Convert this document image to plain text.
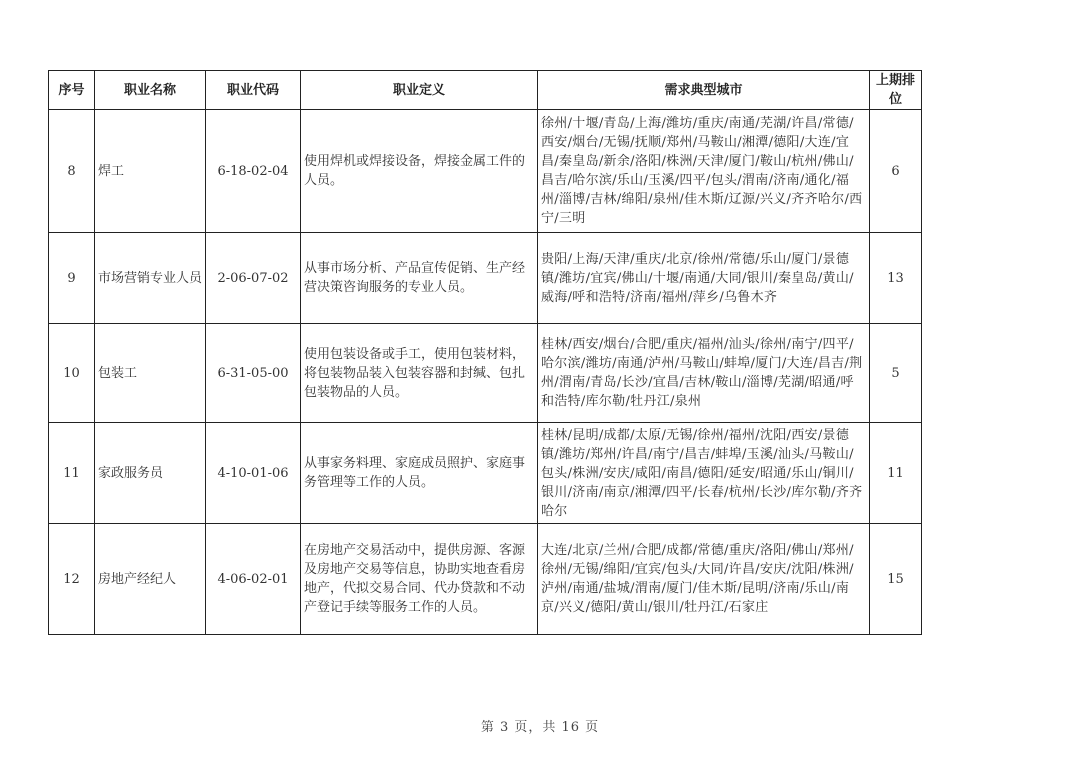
序号	职业名称	职业代码	职业定义	需求典型城市	上期排位
8	焊工	6-18-02-04	使用焊机或焊接设备，焊接金属工件的人员。	徐州/十堰/青岛/上海/潍坊/重庆/南通/芜湖/许昌/常德/西安/烟台/无锡/抚顺/郑州/马鞍山/湘潭/德阳/大连/宜昌/秦皇岛/新余/洛阳/株洲/天津/厦门/鞍山/杭州/佛山/昌吉/哈尔滨/乐山/玉溪/四平/包头/渭南/济南/通化/福州/淄博/吉林/绵阳/泉州/佳木斯/辽源/兴义/齐齐哈尔/西宁/三明	6
9	市场营销专业人员	2-06-07-02	从事市场分析、产品宣传促销、生产经营决策咨询服务的专业人员。	贵阳/上海/天津/重庆/北京/徐州/常德/乐山/厦门/景德镇/潍坊/宜宾/佛山/十堰/南通/大同/银川/秦皇岛/黄山/威海/呼和浩特/济南/福州/萍乡/乌鲁木齐	13
10	包装工	6-31-05-00	使用包装设备或手工，使用包装材料，将包装物品装入包装容器和封缄、包扎包装物品的人员。	桂林/西安/烟台/合肥/重庆/福州/汕头/徐州/南宁/四平/哈尔滨/潍坊/南通/泸州/马鞍山/蚌埠/厦门/大连/昌吉/荆州/渭南/青岛/长沙/宜昌/吉林/鞍山/淄博/芜湖/昭通/呼和浩特/库尔勒/牡丹江/泉州	5
11	家政服务员	4-10-01-06	从事家务料理、家庭成员照护、家庭事务管理等工作的人员。	桂林/昆明/成都/太原/无锡/徐州/福州/沈阳/西安/景德镇/潍坊/郑州/许昌/南宁/昌吉/蚌埠/玉溪/汕头/马鞍山/包头/株洲/安庆/咸阳/南昌/德阳/延安/昭通/乐山/铜川/银川/济南/南京/湘潭/四平/长春/杭州/长沙/库尔勒/齐齐哈尔	11
12	房地产经纪人	4-06-02-01	在房地产交易活动中，提供房源、客源及房地产交易等信息，协助实地查看房地产，代拟交易合同、代办贷款和不动产登记手续等服务工作的人员。	大连/北京/兰州/合肥/成都/常德/重庆/洛阳/佛山/郑州/徐州/无锡/绵阳/宜宾/包头/大同/许昌/安庆/沈阳/株洲/泸州/南通/盐城/渭南/厦门/佳木斯/昆明/济南/乐山/南京/兴义/德阳/黄山/银川/牡丹江/石家庄	15
第 3 页，共 16 页
